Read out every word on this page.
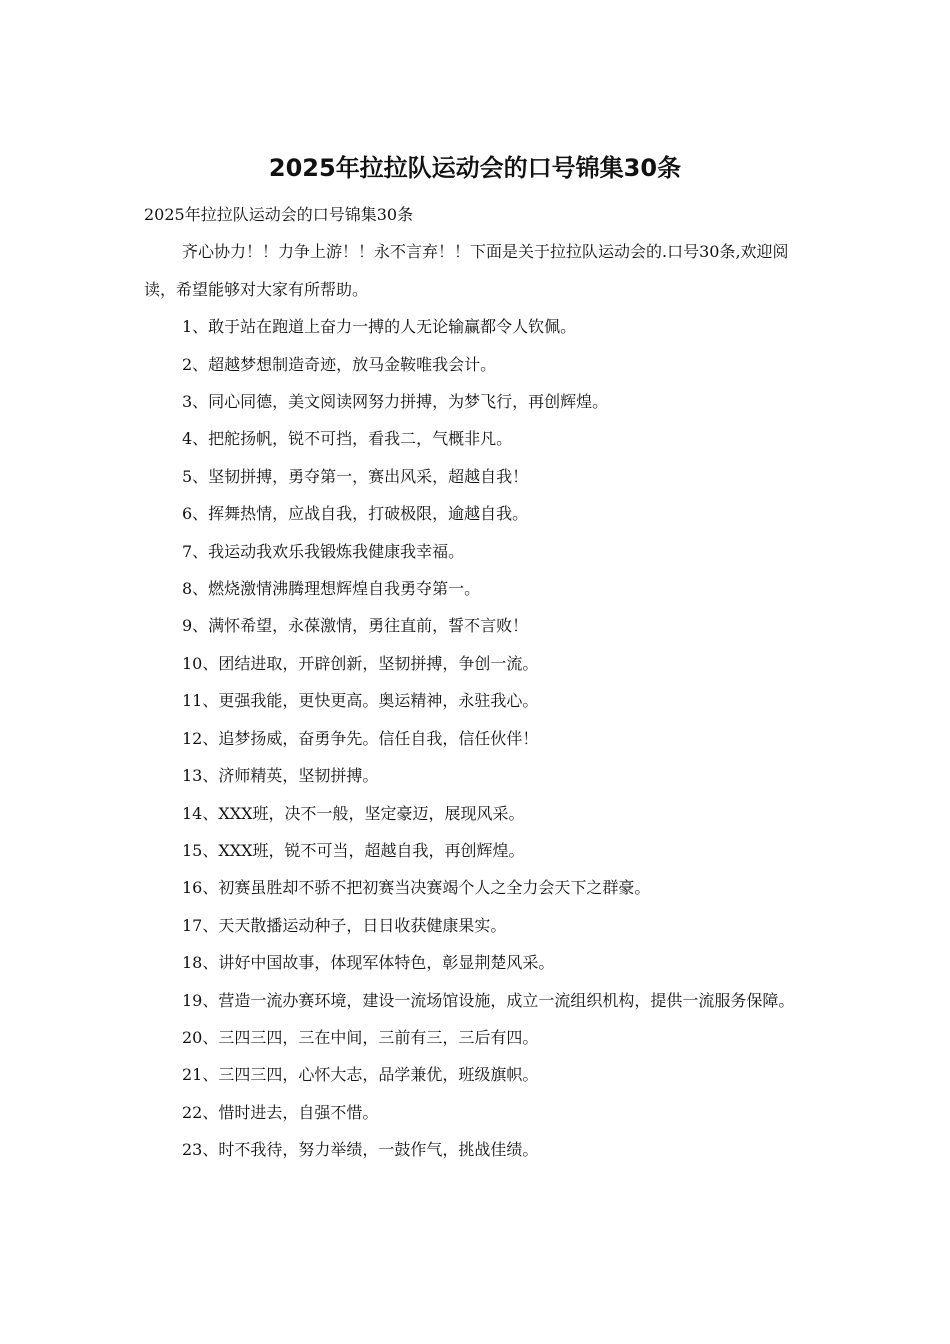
2025年拉拉队运动会的口号锦集30条

2025年拉拉队运动会的口号锦集30条

齐心协力！！力争上游！！永不言弃！！下面是关于拉拉队运动会的.口号30条,欢迎阅读，希望能够对大家有所帮助。

1、敢于站在跑道上奋力一搏的人无论输赢都令人钦佩。

2、超越梦想制造奇迹，放马金鞍唯我会计。

3、同心同德，美文阅读网努力拼搏，为梦飞行，再创辉煌。

4、把舵扬帆，锐不可挡，看我二，气概非凡。

5、坚韧拼搏，勇夺第一，赛出风采，超越自我！

6、挥舞热情，应战自我，打破极限，逾越自我。

7、我运动我欢乐我锻炼我健康我幸福。

8、燃烧激情沸腾理想辉煌自我勇夺第一。

9、满怀希望，永葆激情，勇往直前，誓不言败！

10、团结进取，开辟创新，坚韧拼搏，争创一流。

11、更强我能，更快更高。奥运精神，永驻我心。

12、追梦扬威，奋勇争先。信任自我，信任伙伴！

13、济师精英，坚韧拼搏。

14、XXX班，决不一般，坚定豪迈，展现风采。

15、XXX班，锐不可当，超越自我，再创辉煌。

16、初赛虽胜却不骄不把初赛当决赛竭个人之全力会天下之群豪。

17、天天散播运动种子，日日收获健康果实。

18、讲好中国故事，体现军体特色，彰显荆楚风采。

19、营造一流办赛环境，建设一流场馆设施，成立一流组织机构，提供一流服务保障。

20、三四三四，三在中间，三前有三，三后有四。

21、三四三四，心怀大志，品学兼优，班级旗帜。

22、惜时进去，自强不惜。

23、时不我待，努力举绩，一鼓作气，挑战佳绩。
